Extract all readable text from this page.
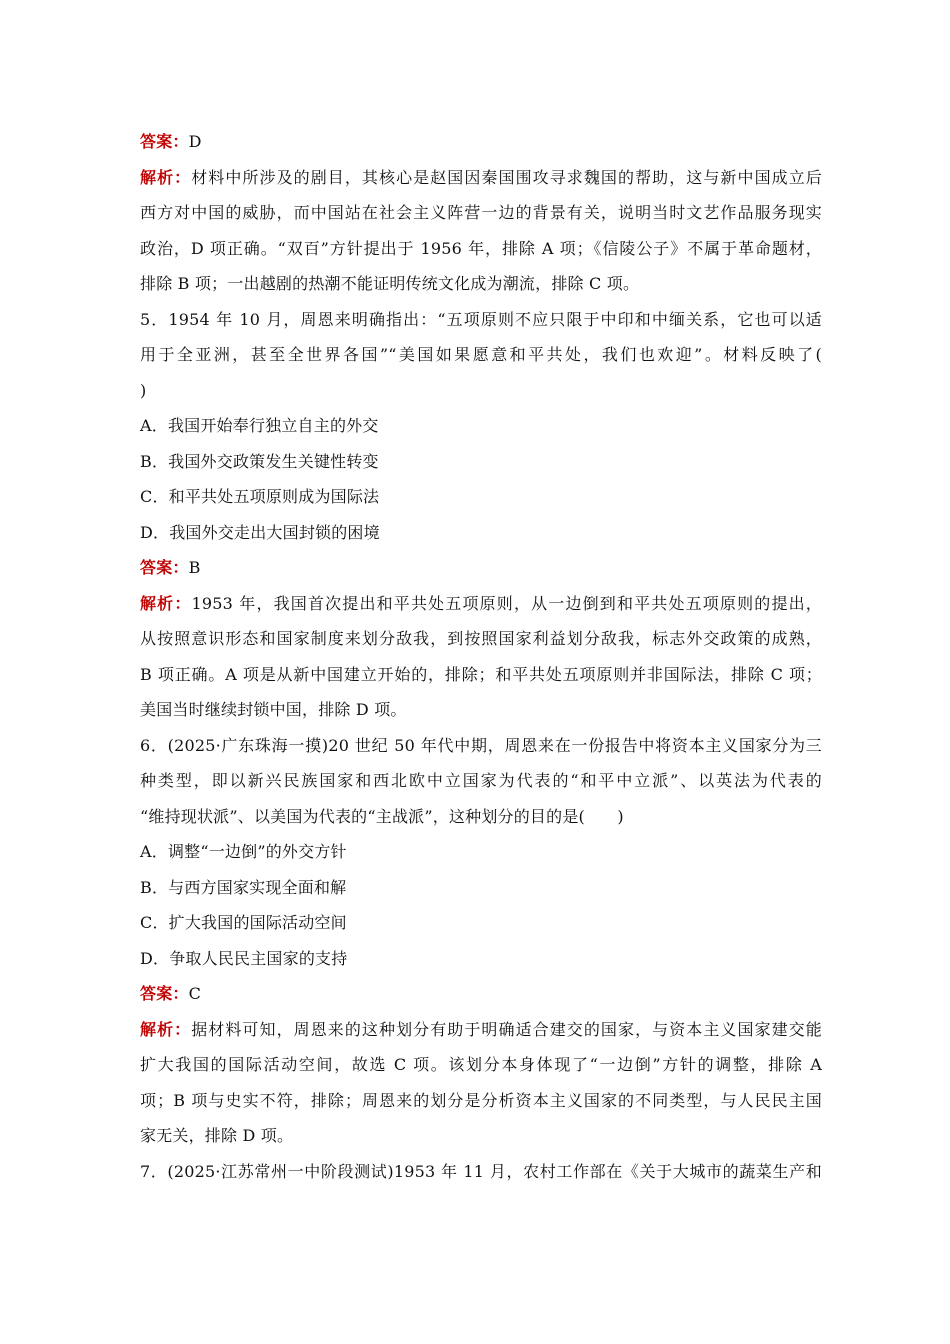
答案：D
解析：材料中所涉及的剧目，其核心是赵国因秦国围攻寻求魏国的帮助，这与新中国成立后
西方对中国的威胁，而中国站在社会主义阵营一边的背景有关，说明当时文艺作品服务现实
政治，D 项正确。“双百”方针提出于 1956 年，排除 A 项；《信陵公子》不属于革命题材，
排除 B 项；一出越剧的热潮不能证明传统文化成为潮流，排除 C 项。
5．1954 年 10 月，周恩来明确指出：“五项原则不应只限于中印和中缅关系，它也可以适
用于全亚洲，甚至全世界各国”“美国如果愿意和平共处，我们也欢迎”。材料反映了(
)
A．我国开始奉行独立自主的外交
B．我国外交政策发生关键性转变
C．和平共处五项原则成为国际法
D．我国外交走出大国封锁的困境
答案：B
解析：1953 年，我国首次提出和平共处五项原则，从一边倒到和平共处五项原则的提出，
从按照意识形态和国家制度来划分敌我，到按照国家利益划分敌我，标志外交政策的成熟，
B 项正确。A 项是从新中国建立开始的，排除；和平共处五项原则并非国际法，排除 C 项；
美国当时继续封锁中国，排除 D 项。
6．(2025·广东珠海一摸)20 世纪 50 年代中期，周恩来在一份报告中将资本主义国家分为三
种类型，即以新兴民族国家和西北欧中立国家为代表的“和平中立派”、以英法为代表的
“维持现状派”、以美国为代表的“主战派”，这种划分的目的是(　　)
A．调整“一边倒”的外交方针
B．与西方国家实现全面和解
C．扩大我国的国际活动空间
D．争取人民民主国家的支持
答案：C
解析：据材料可知，周恩来的这种划分有助于明确适合建交的国家，与资本主义国家建交能
扩大我国的国际活动空间，故选 C 项。该划分本身体现了“一边倒”方针的调整，排除 A
项；B 项与史实不符，排除；周恩来的划分是分析资本主义国家的不同类型，与人民民主国
家无关，排除 D 项。
7．(2025·江苏常州一中阶段测试)1953 年 11 月，农村工作部在《关于大城市的蔬菜生产和
